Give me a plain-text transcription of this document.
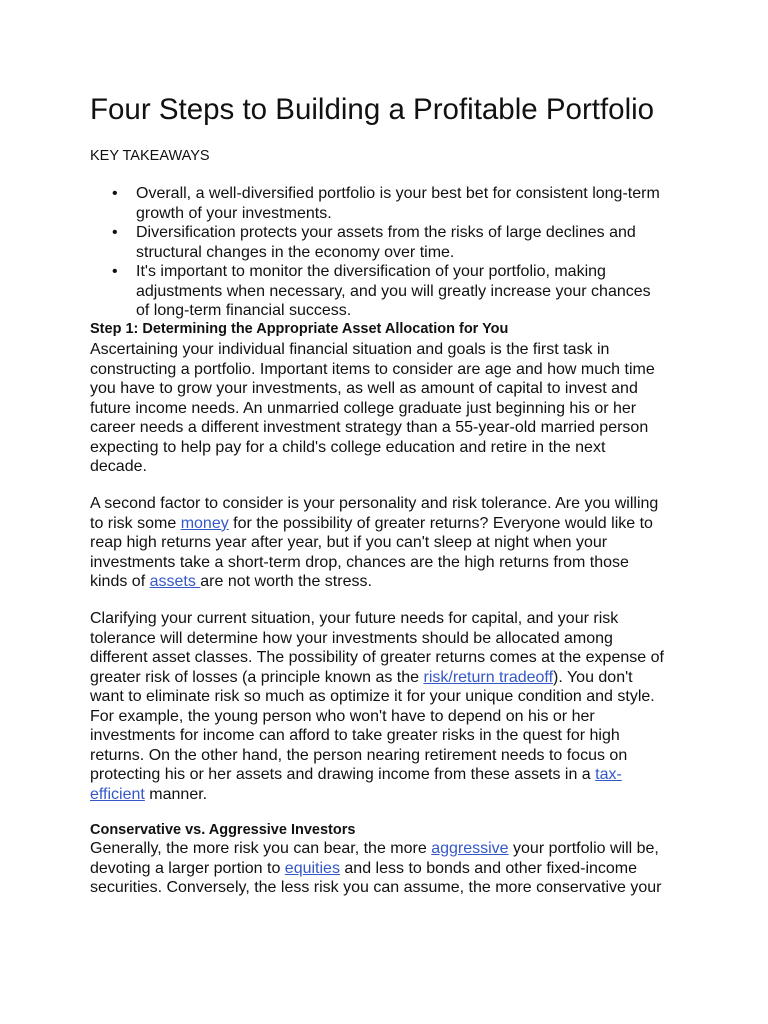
Four Steps to Building a Profitable Portfolio
KEY TAKEAWAYS
• Overall, a well-diversified portfolio is your best bet for consistent long-term
growth of your investments.
• Diversification protects your assets from the risks of large declines and
structural changes in the economy over time.
• It's important to monitor the diversification of your portfolio, making
adjustments when necessary, and you will greatly increase your chances
of long-term financial success.
Step 1: Determining the Appropriate Asset Allocation for You
Ascertaining your individual financial situation and goals is the first task in
constructing a portfolio. Important items to consider are age and how much time
you have to grow your investments, as well as amount of capital to invest and
future income needs. An unmarried college graduate just beginning his or her
career needs a different investment strategy than a 55-year-old married person
expecting to help pay for a child's college education and retire in the next
decade.
A second factor to consider is your personality and risk tolerance. Are you willing
to risk some money for the possibility of greater returns? Everyone would like to
reap high returns year after year, but if you can't sleep at night when your
investments take a short-term drop, chances are the high returns from those
kinds of assets are not worth the stress.
Clarifying your current situation, your future needs for capital, and your risk
tolerance will determine how your investments should be allocated among
different asset classes. The possibility of greater returns comes at the expense of
greater risk of losses (a principle known as the risk/return tradeoff). You don't
want to eliminate risk so much as optimize it for your unique condition and style.
For example, the young person who won't have to depend on his or her
investments for income can afford to take greater risks in the quest for high
returns. On the other hand, the person nearing retirement needs to focus on
protecting his or her assets and drawing income from these assets in a tax-
efficient manner.
Conservative vs. Aggressive Investors
Generally, the more risk you can bear, the more aggressive your portfolio will be,
devoting a larger portion to equities and less to bonds and other fixed-income
securities. Conversely, the less risk you can assume, the more conservative your
